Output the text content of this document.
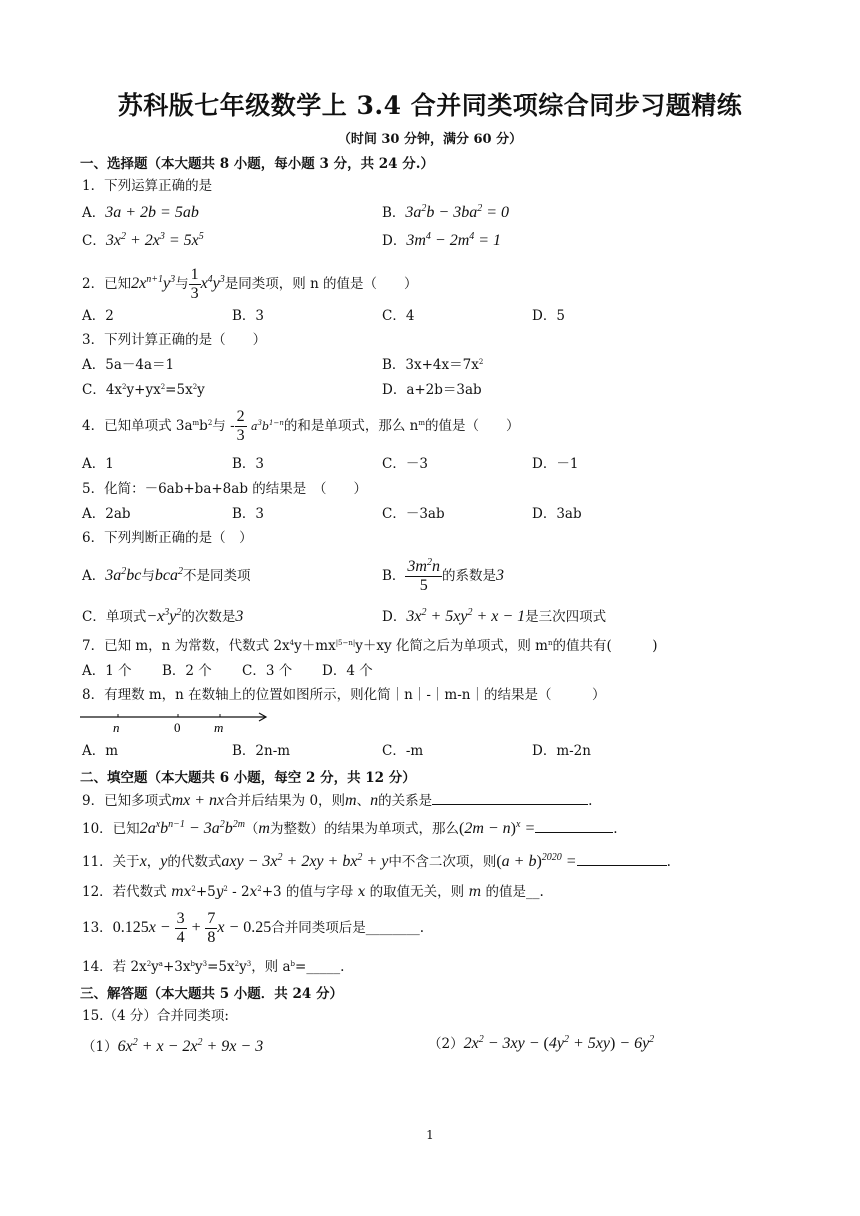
苏科版七年级数学上 3.4 合并同类项综合同步习题精练
（时间 30 分钟，满分 60 分）
一、选择题（本大题共 8 小题，每小题 3 分，共 24 分.）
1．下列运算正确的是
A．3a + 2b = 5ab	B．$3a^2b - 3ba^2 = 0$
C．$3x^2 + 2x^3 = 5x^5$	D．$3m^4 - 2m^4 = 1$
2．已知$2x^{n+1}y^3$与 $\frac{1}{3} x^4y^3$是同类项，则 n 的值是（　　）
A．2	B．3	C．4	D．5
3．下列计算正确的是（　　）
A．5a－4a＝1	B．$3x+4x=7x^2$
C．$4x^2y+yx^2=5x^2y$	D．a+2b＝3ab
4．已知单项式 $3a^mb^2$与 - $\frac{2}{3} a^3b^{1-n}$的和是单项式，那么 $n^m$的值是（　　）
A．1	B．3	C．－3	D．－1
5．化简：－6ab+ba+8ab 的结果是　（　　）
A．2ab	B．3	C．－3ab	D．3ab
6．下列判断正确的是（　）
A．$3a^2bc$与bca$^2$不是同类项	B． $\frac{3m^2n}{5}$ 的系数是3
C．单项式$-x^3y^2$的次数是3	D．$3x^2 + 5xy^2 + x - 1$是三次四项式
7．已知 m，n 为常数，代数式 $2x^4y+mx^{|5-n|}y+xy$ 化简之后为单项式，则 $m^n$的值共有(　　　)
A．1 个 B．2 个 C．3 个 D．4 个
8．有理数 m，n 在数轴上的位置如图所示，则化简｜n｜-｜m-n｜的结果是（　　　）
n	0	m
A．m	B．2n-m	C．-m	D．m-2n
二、填空题（本大题共 6 小题，每空 2 分，共 12 分）
9．已知多项式mx + nx合并后结果为 0，则m、n的关系是	.
10．已知$2a^xb^{n-1} - 3a^2b^{2m}(m$为整数）的结果为单项式，那么$(2m - n)^x$ =	.
11．关于x，y的代数式axy − $3x^2 + 2xy + bx^2 + y$中不含二次项，则$(a + b)^{2020}$ =	.
12．若代数式 $mx^2+5y^2 - 2x^2+3$ 的值与字母 x 的取值无关，则 m 的值是__.
13．$0.125x - \frac{3}{4} + \frac{7}{8}$ x − 0.25合并同类项后是________.
14．若 $2x^2y^a+3x^by^3=5x^2y^3$，则 $a^b=\_\_\_\_\_$.
三、解答题（本大题共 5 小题．共 24 分）
15.（4 分）合并同类项:
$(1)6x^2 + x - 2x^2 + 9x - 3$	$(2)2x^2 - 3xy - (4y^2 + 5xy) - 6y^2$
1
